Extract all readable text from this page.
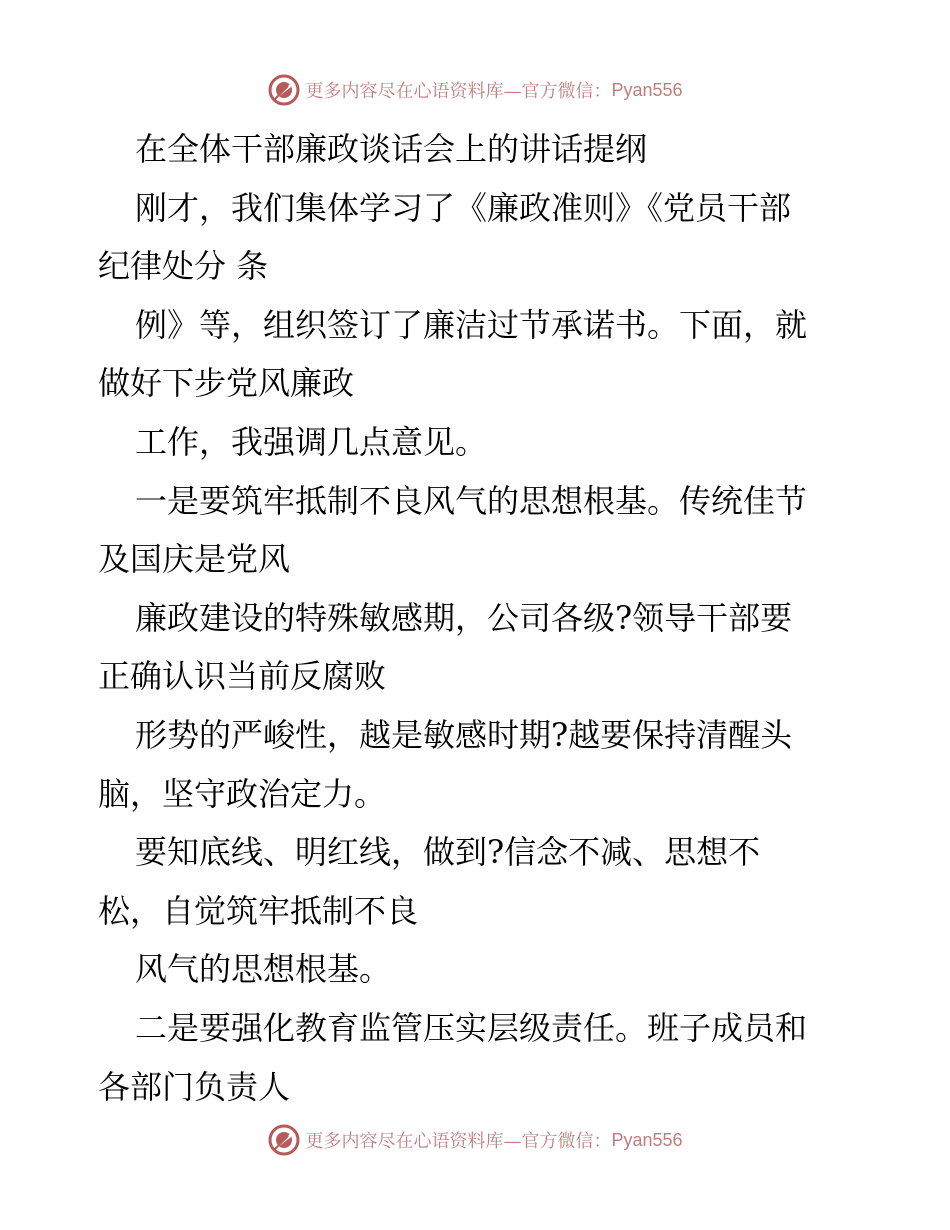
更多内容尽在心语资料库—官方微信： Pyan556
在全体干部廉政谈话会上的讲话提纲
刚才，我们集体学习了《廉政准则》《党员干部
纪律处分 条
例》等，组织签订了廉洁过节承诺书。下面，就
做好下步党风廉政
工作，我强调几点意见。
一是要筑牢抵制不良风气的思想根基。传统佳节
及国庆是党风
廉政建设的特殊敏感期，公司各级?领导干部要
正确认识当前反腐败
形势的严峻性，越是敏感时期?越要保持清醒头
脑，坚守政治定力。
要知底线、明红线，做到?信念不减、思想不
松，自觉筑牢抵制不良
风气的思想根基。
二是要强化教育监管压实层级责任。班子成员和
各部门负责人
更多内容尽在心语资料库—官方微信： Pyan556
